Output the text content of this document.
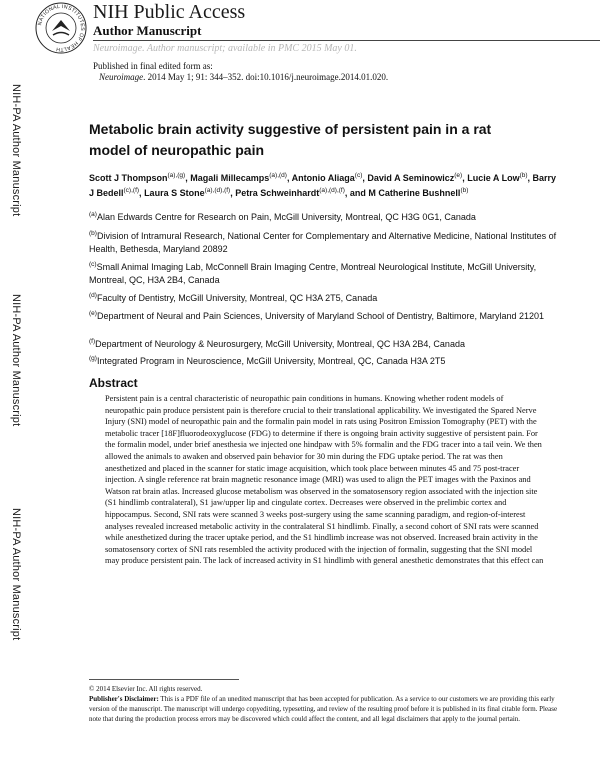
NATIONAL INSTITUTES OF HEALTH
NIH Public Access
Author Manuscript
Neuroimage. Author manuscript; available in PMC 2015 May 01.
Published in final edited form as:
Neuroimage. 2014 May 1; 91: 344–352. doi:10.1016/j.neuroimage.2014.01.020.
NIH-PA Author Manuscript
NIH-PA Author Manuscript
NIH-PA Author Manuscript
Metabolic brain activity suggestive of persistent pain in a rat model of neuropathic pain
Scott J Thompson$^{(a),(g)}$, Magali Millecamps$^{(a),(d)}$, Antonio Aliaga$^{(c)}$, David A Seminowicz$^{(e)}$, Lucie A Low$^{(b)}$, Barry J Bedell$^{(c),(f)}$, Laura S Stone$^{(a),(d),(f)}$, Petra Schweinhardt$^{(a),(d),(f)}$, and M Catherine Bushnell$^{(b)}$
$^{(a)}$Alan Edwards Centre for Research on Pain, McGill University, Montreal, QC H3G 0G1, Canada
$^{(b)}$Division of Intramural Research, National Center for Complementary and Alternative Medicine, National Institutes of Health, Bethesda, Maryland 20892
$^{(c)}$Small Animal Imaging Lab, McConnell Brain Imaging Centre, Montreal Neurological Institute, McGill University, Montreal, QC, H3A 2B4, Canada
$^{(d)}$Faculty of Dentistry, McGill University, Montreal, QC H3A 2T5, Canada
$^{(e)}$Department of Neural and Pain Sciences, University of Maryland School of Dentistry, Baltimore, Maryland 21201
$^{(f)}$Department of Neurology & Neurosurgery, McGill University, Montreal, QC H3A 2B4, Canada
$^{(g)}$Integrated Program in Neuroscience, McGill University, Montreal, QC, Canada H3A 2T5
Abstract
Persistent pain is a central characteristic of neuropathic pain conditions in humans. Knowing whether rodent models of neuropathic pain produce persistent pain is therefore crucial to their translational applicability. We investigated the Spared Nerve Injury (SNI) model of neuropathic pain and the formalin pain model in rats using Positron Emission Tomography (PET) with the metabolic tracer [18F]fluorodeoxyglucose (FDG) to determine if there is ongoing brain activity suggestive of persistent pain. For the formalin model, under brief anesthesia we injected one hindpaw with 5% formalin and the FDG tracer into a tail vein. We then allowed the animals to awaken and observed pain behavior for 30 min during the FDG uptake period. The rat was then anesthetized and placed in the scanner for static image acquisition, which took place between minutes 45 and 75 post-tracer injection. A single reference rat brain magnetic resonance image (MRI) was used to align the PET images with the Paxinos and Watson rat brain atlas. Increased glucose metabolism was observed in the somatosensory region associated with the injection site (S1 hindlimb contralateral), S1 jaw/upper lip and cingulate cortex. Decreases were observed in the prelimbic cortex and hippocampus. Second, SNI rats were scanned 3 weeks post-surgery using the same scanning paradigm, and region-of-interest analyses revealed increased metabolic activity in the contralateral S1 hindlimb. Finally, a second cohort of SNI rats were scanned while anesthetized during the tracer uptake period, and the S1 hindlimb increase was not observed. Increased brain activity in the somatosensory cortex of SNI rats resembled the activity produced with the injection of formalin, suggesting that the SNI model may produce persistent pain. The lack of increased activity in S1 hindlimb with general anesthetic demonstrates that this effect can
© 2014 Elsevier Inc. All rights reserved.
Publisher's Disclaimer: This is a PDF file of an unedited manuscript that has been accepted for publication. As a service to our customers we are providing this early version of the manuscript. The manuscript will undergo copyediting, typesetting, and review of the resulting proof before it is published in its final citable form. Please note that during the production process errors may be discovered which could affect the content, and all legal disclaimers that apply to the journal pertain.
